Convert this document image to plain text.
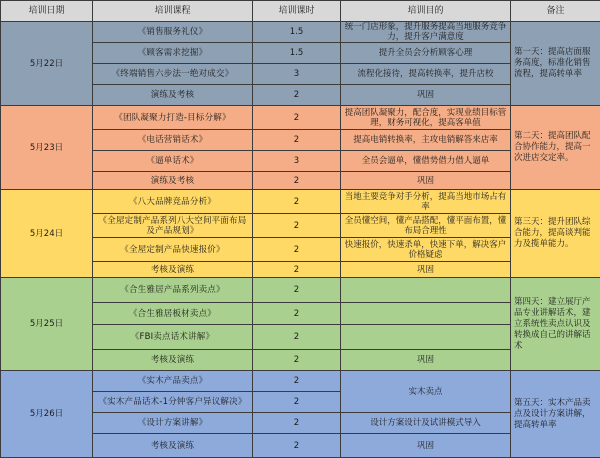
培训日期	培训课程	培训课时	培训目的	备注
5月22日	《销售服务礼仪》	1.5	统一门店形象，提升服务提高当地服务竞争力，提升客户满意度	第一天：提高店面服务高度，标准化销售流程，提高转单率
	《顾客需求挖掘》	1.5	提升全员会分析顾客心理	
	《终端销售六步法一绝对成交》	3	流程化接待，提高转换率，提升店校	
	演练及考核	2	巩固	
5月23日	《团队凝聚力打造-目标分解》	2	提高团队凝聚力，配合度，实现业绩目标管理，财务可视化，提高客单值	第二天：提高团队配合协作能力，提高一次进店交定率。
	《电话营销话术》	2	提高电销转换率，主攻电销解答来店率	
	《逼单话术》	3	全员会逼单，懂借势借力借人逼单	
	演练及考核	2	巩固	
5月24日	《八大品牌竞品分析》	2	当地主要竞争对手分析，提高当地市场占有率	第三天：提升团队综合能力，提高谈判能力及揽单能力。
	《全屋定制产品系列八大空间平面布局及产品规划》	2	全员懂空间，懂产品搭配，懂平面布置，懂布局合理性	
	《全屋定制产品快速报价》	2	快速报价，快速杀单，快速下单，解决客户价格疑虑	
	考核及演练	2	巩固	
5月25日	《合生雅居产品系列卖点》	2		第四天：建立展厅产品专业讲解话术，建立系统性卖点认识及转换成自己的讲解话术
	《合生雅居板材卖点》	2		
	《FBI卖点话术讲解》	2		
	考核及演练	2	巩固	
5月26日	《实木产品卖点》	2	实木卖点	第五天：实木产品卖点及设计方案讲解，提高转单率
	《实木产品话术-1分钟客户异议解决》	2		
	《设计方案讲解》	2	设计方案设计及试讲模式导入	
	考核及演练	2	巩固	
